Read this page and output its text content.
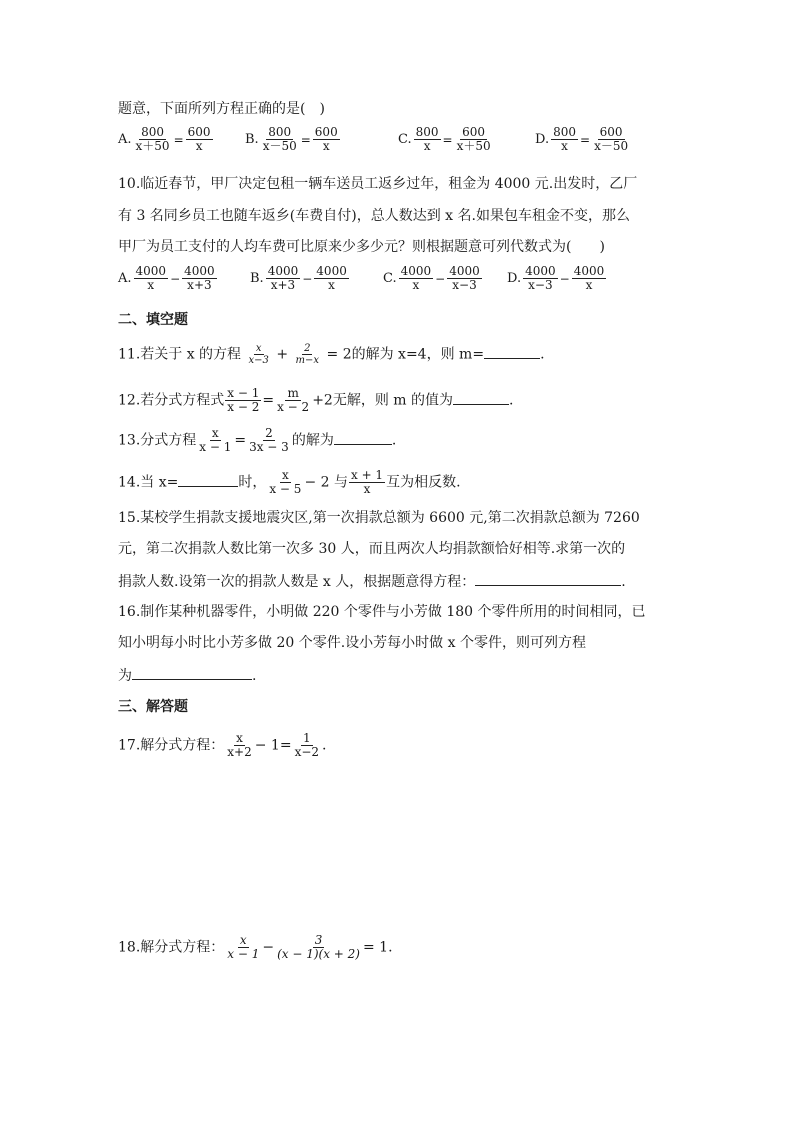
题意，下面所列方程正确的是(　)
A. $\frac{800}{x+50} = \frac{600}{x} B$. $\frac{800}{x-50} = \frac{600}{x}$	C. $\frac{800}{x} = \frac{600}{x+50}$	D. $\frac{800}{x} = \frac{600}{x-50}$
10.临近春节，甲厂决定包租一辆车送员工返乡过年，租金为 4000 元.出发时，乙厂
有 3 名同乡员工也随车返乡(车费自付)，总人数达到 x 名.如果包车租金不变，那么
甲厂为员工支付的人均车费可比原来少多少元？则根据题意可列代数式为(　　)
A. $\frac{4000}{x} - \frac{4000}{x+3}$	B. $\frac{4000}{x+3} - \frac{4000}{x}$	C. $\frac{4000}{x} - \frac{4000}{x-3} D$. $\frac{4000}{x-3} - \frac{4000}{x}$
二、填空题
11.若关于 x 的方程 $\frac{x}{x-3} + \frac{2}{m-x} = 2$的解为 x=4，则 m=	.
12.若分式方程式 $\frac{x - 1}{x - 2} = \frac{m}{x - 2} +2$无解，则 m 的值为	.
13.分式方程 $\frac{x}{x - 1} = \frac{2}{3x - 3}$ 的解为	.
14.当 x=	时， $\frac{x}{x - 5} - 2$ 与 $\frac{x + 1}{x}$ 互为相反数.
15.某校学生捐款支援地震灾区,第一次捐款总额为 6600 元,第二次捐款总额为 7260
元，第二次捐款人数比第一次多 30 人，而且两次人均捐款额恰好相等.求第一次的
捐款人数.设第一次的捐款人数是 x 人，根据题意得方程：	.
16.制作某种机器零件，小明做 220 个零件与小芳做 180 个零件所用的时间相同，已
知小明每小时比小芳多做 20 个零件.设小芳每小时做 x 个零件，则可列方程
为	.
三、解答题
17.解分式方程： $\frac{x}{x+2} - 1= \frac{1}{x-2}$ .
18.解分式方程： $\frac{x}{x - 1} - \frac{3}{(x - 1)(x + 2)} = 1$.
